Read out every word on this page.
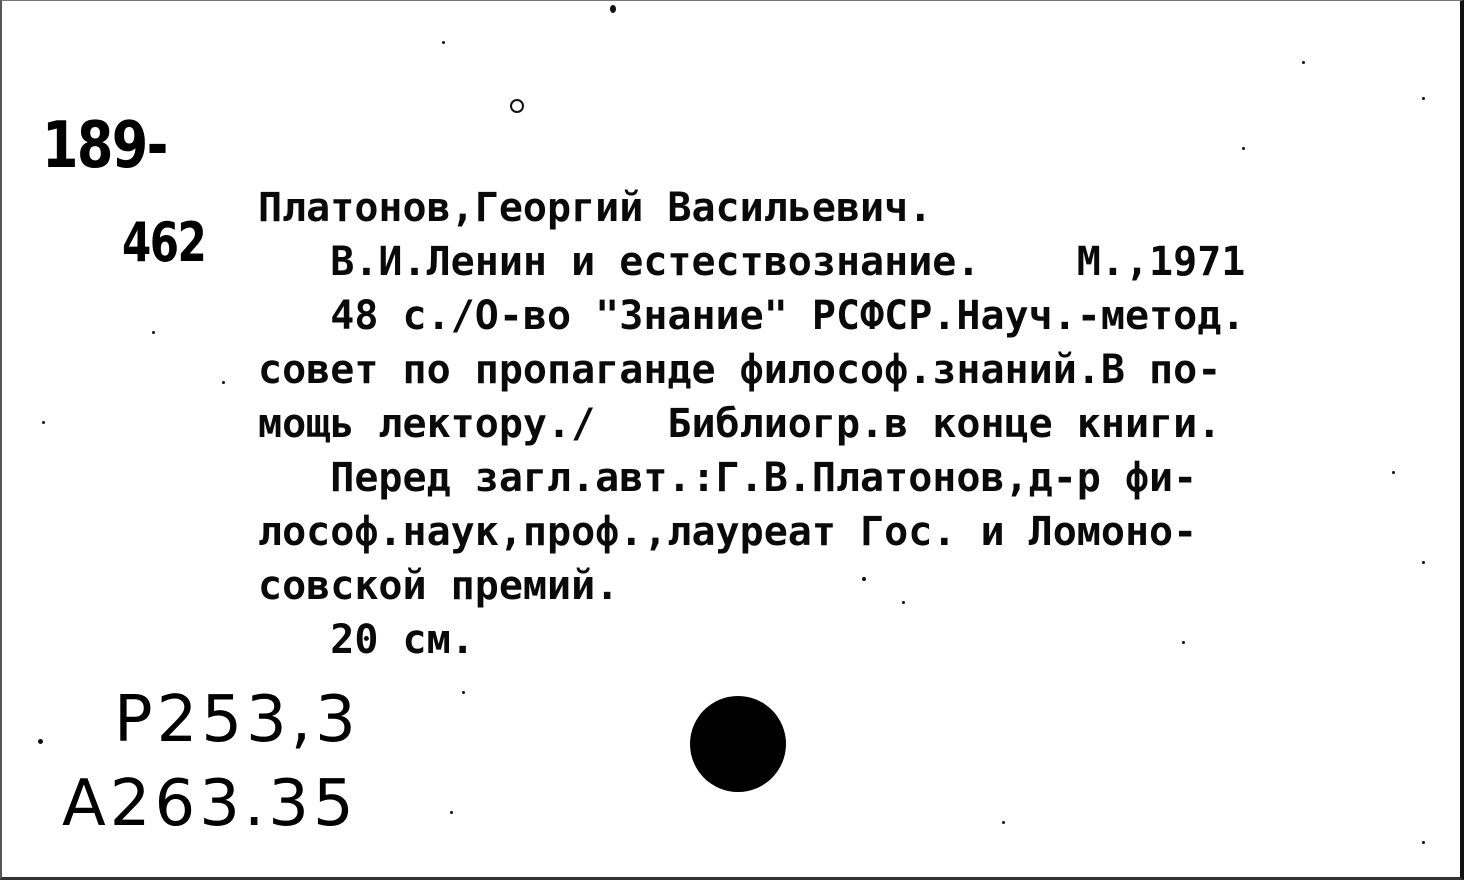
189-
462
Платонов,Георгий Васильевич.
В.И.Ленин и естествознание.    М.,1971
48 с./О-во "Знание" РСФСР.Науч.-метод.
совет по пропаганде философ.знаний.В по-
мощь лектору./   Библиогр.в конце книги.
Перед загл.авт.:Г.В.Платонов,д-р фи-
лософ.наук,проф.,лауреат Гос. и Ломоно-
совской премий.
20 см.
P253,3
A263.35
